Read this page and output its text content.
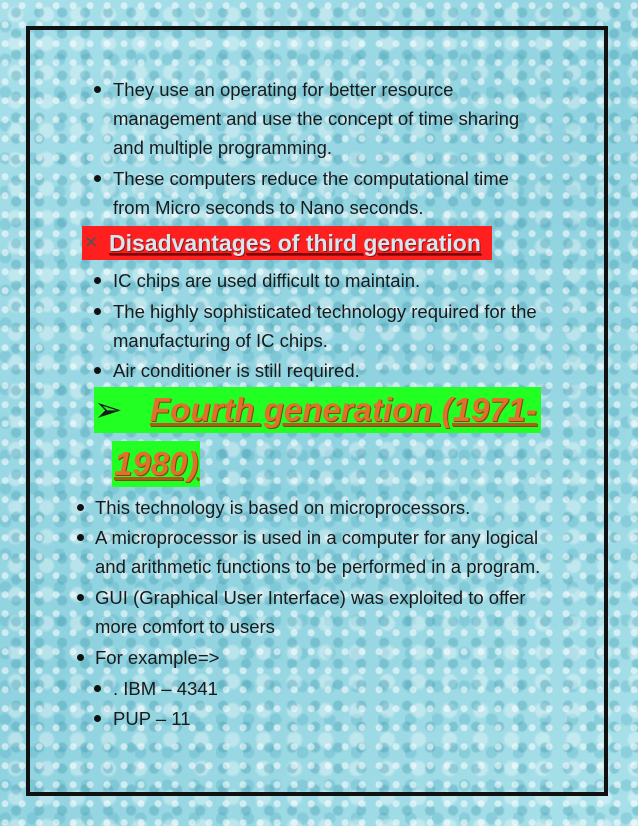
They use an operating for better resource
management and use the concept of time sharing
and multiple programming.
These computers reduce the computational time
from Micro seconds to Nano seconds.
✕ Disadvantages of third generation
IC chips are used difficult to maintain.
The highly sophisticated technology required for the
manufacturing of IC chips.
Air conditioner is still required.
➢ Fourth generation (1971-
1980)
This technology is based on microprocessors.
A microprocessor is used in a computer for any logical
and arithmetic functions to be performed in a program.
GUI (Graphical User Interface) was exploited to offer
more comfort to users
For example=>
. IBM – 4341
PUP – 11
